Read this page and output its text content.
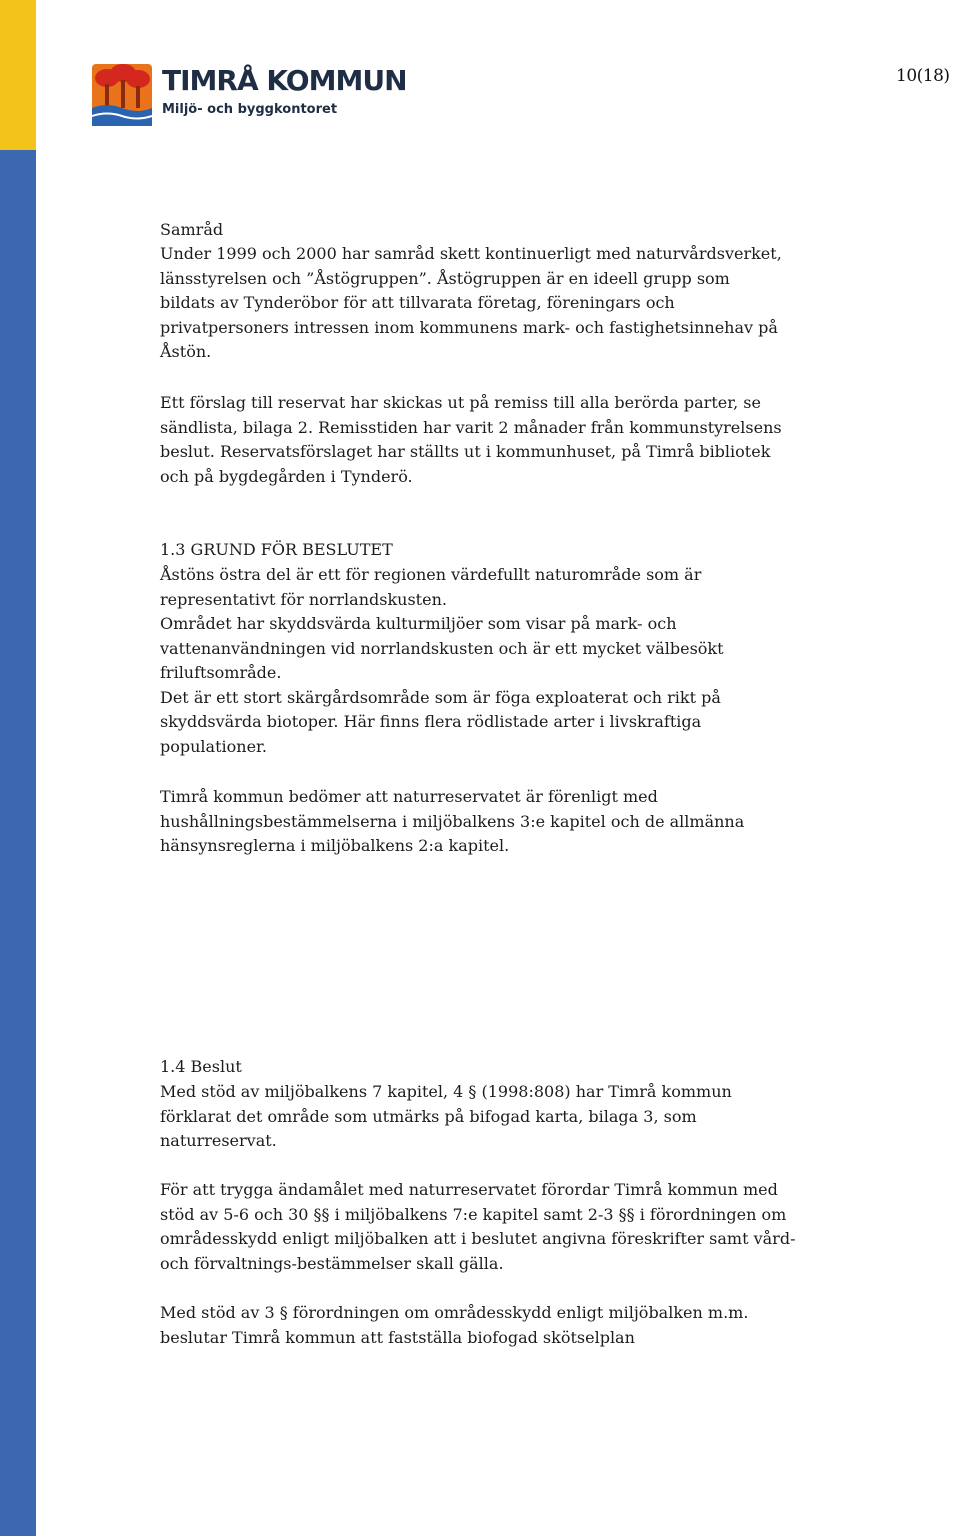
TIMRÅ KOMMUN
Miljö- och byggkontoret
10(18)

Samråd

Under 1999 och 2000 har samråd skett kontinuerligt med naturvårdsverket,
länsstyrelsen och ”Åstögruppen”. Åstögruppen är en ideell grupp som
bildats av Tynderöbor för att tillvarata företag, föreningars och
privatpersoners intressen inom kommunens mark- och fastighetsinnehav på
Åstön.

Ett förslag till reservat har skickas ut på remiss till alla berörda parter, se
sändlista, bilaga 2. Remisstiden har varit 2 månader från kommunstyrelsens
beslut. Reservatsförslaget har ställts ut i kommunhuset, på Timrå bibliotek
och på bygdegården i Tynderö.

1.3 GRUND FÖR BESLUTET

Åstöns östra del är ett för regionen värdefullt naturområde som är
representativt för norrlandskusten.
Området har skyddsvärda kulturmiljöer som visar på mark- och
vattenanvändningen vid norrlandskusten och är ett mycket välbesökt
friluftsområde.
Det är ett stort skärgårdsområde som är föga exploaterat och rikt på
skyddsvärda biotoper. Här finns flera rödlistade arter i livskraftiga
populationer.

Timrå kommun bedömer att naturreservatet är förenligt med
hushållningsbestämmelserna i miljöbalkens 3:e kapitel och de allmänna
hänsynsreglerna i miljöbalkens 2:a kapitel.

1.4 Beslut

Med stöd av miljöbalkens 7 kapitel, 4 § (1998:808) har Timrå kommun
förklarat det område som utmärks på bifogad karta, bilaga 3, som
naturreservat.

För att trygga ändamålet med naturreservatet förordar Timrå kommun med
stöd av 5-6 och 30 §§ i miljöbalkens 7:e kapitel samt 2-3 §§ i förordningen om
områdesskydd enligt miljöbalken att i beslutet angivna föreskrifter samt vård-
och förvaltnings-bestämmelser skall gälla.

Med stöd av 3 § förordningen om områdesskydd enligt miljöbalken m.m.
beslutar Timrå kommun att fastställa biofogad skötselplan
